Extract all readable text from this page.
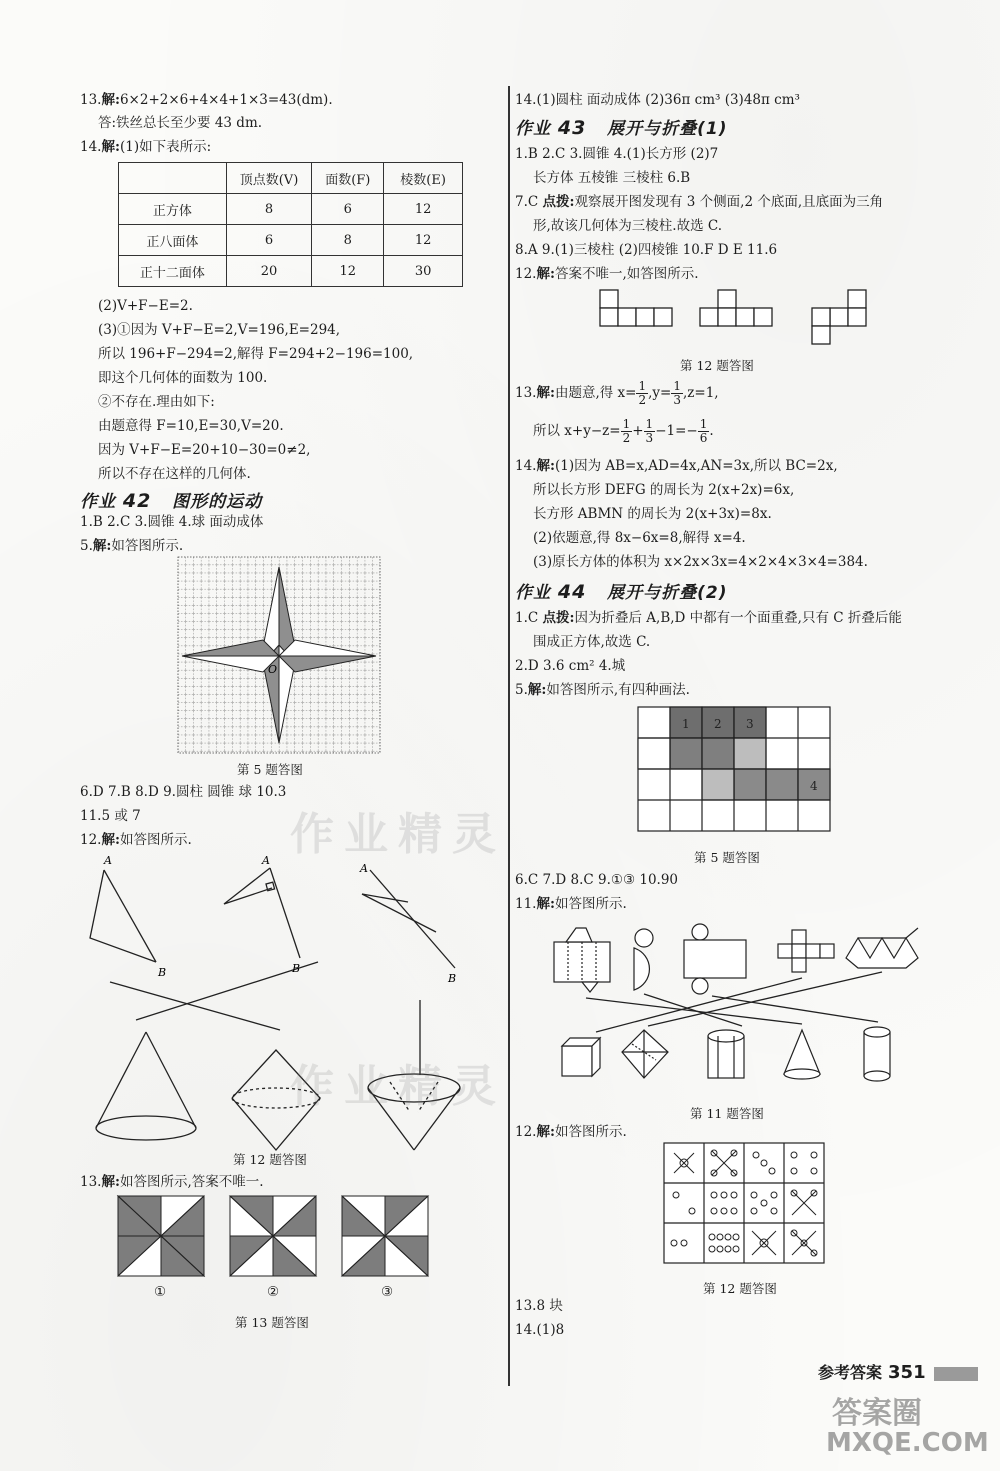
13.解:6×2+2×6+4×4+1×3=43(dm).
答:铁丝总长至少要 43 dm.
14.解:(1)如下表所示:
	顶点数(V)	面数(F)	棱数(E)
正方体	8	6	12
正八面体	6	8	12
正十二面体	20	12	30
(2)V+F−E=2.
(3)①因为 V+F−E=2,V=196,E=294,
所以 196+F−294=2,解得 F=294+2−196=100,
即这个几何体的面数为 100.
②不存在.理由如下:
由题意得 F=10,E=30,V=20.
因为 V+F−E=20+10−30=0≠2,
所以不存在这样的几何体.
作业 42 图形的运动
1.B 2.C 3.圆锥 4.球 面动成体
5.解:如答图所示.
O
第 5 题答图
6.D 7.B 8.D 9.圆柱 圆锥 球 10.3
11.5 或 7
12.解:如答图所示.
A
B
A
B
A
B
第 12 题答图
13.解:如答图所示,答案不唯一.
①	②	③
第 13 题答图
14.(1)圆柱 面动成体 (2)36π cm³ (3)48π cm³
作业 43 展开与折叠(1)
1.B 2.C 3.圆锥 4.(1)长方形 (2)7
长方体 五棱锥 三棱柱 6.B
7.C 点拨:观察展开图发现有 3 个侧面,2 个底面,且底面为三角
形,故该几何体为三棱柱.故选 C.
8.A 9.(1)三棱柱 (2)四棱锥 10.F D E 11.6
12.解:答案不唯一,如答图所示.
第 12 题答图
13.解:由题意,得 $x= \frac{1}{2} ,y= \frac{1}{3} ,z=1$,
所以 $x+y-z= \frac{1}{2} + \frac{1}{3} -1=- \frac{1}{6}$ .
14.解:(1)因为 AB=x,AD=4x,AN=3x,所以 BC=2x,
所以长方形 DEFG 的周长为 2(x+2x)=6x,
长方形 ABMN 的周长为 2(x+3x)=8x.
(2)依题意,得 8x−6x=8,解得 x=4.
(3)原长方体的体积为 x×2x×3x=4×2×4×3×4=384.
作业 44 展开与折叠(2)
1.C 点拨:因为折叠后 A,B,D 中都有一个面重叠,只有 C 折叠后能
围成正方体,故选 C.
2.D 3.6 cm² 4.城
5.解:如答图所示,有四种画法.
1 2 3
4
第 5 题答图
6.C 7.D 8.C 9.①③ 10.90
11.解:如答图所示.
第 11 题答图
12.解:如答图所示.
第 12 题答图
13.8 块
14.(1)8
参考答案 351
作业精灵
作业精灵
答案圈
MXQE.COM
